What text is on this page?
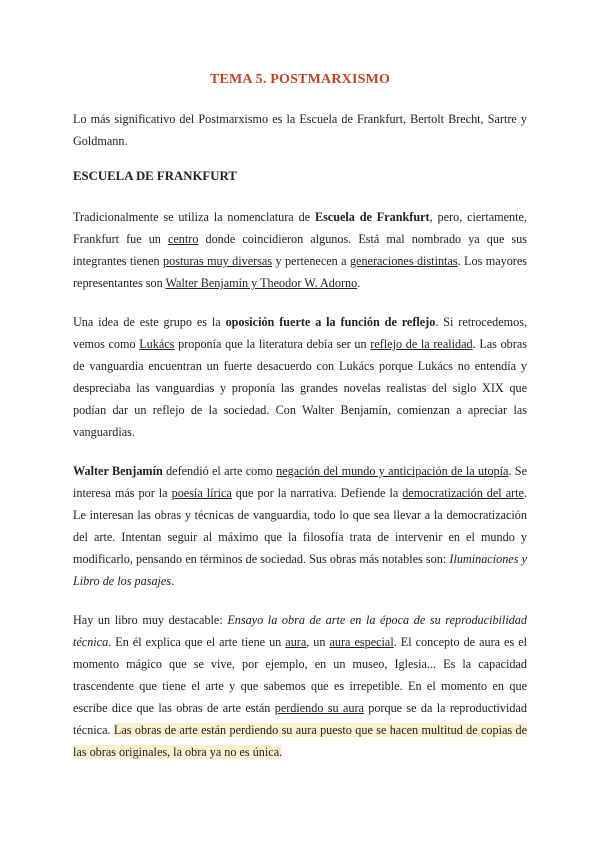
TEMA 5. POSTMARXISMO

Lo más significativo del Postmarxismo es la Escuela de Frankfurt, Bertolt Brecht, Sartre y Goldmann.

ESCUELA DE FRANKFURT

Tradicionalmente se utiliza la nomenclatura de Escuela de Frankfurt, pero, ciertamente, Frankfurt fue un centro donde coincidieron algunos. Está mal nombrado ya que sus integrantes tienen posturas muy diversas y pertenecen a generaciones distintas. Los mayores representantes son Walter Benjamín y Theodor W. Adorno.

Una idea de este grupo es la oposición fuerte a la función de reflejo. Si retrocedemos, vemos como Lukács proponía que la literatura debía ser un reflejo de la realidad. Las obras de vanguardia encuentran un fuerte desacuerdo con Lukács porque Lukács no entendía y despreciaba las vanguardias y proponía las grandes novelas realistas del siglo XIX que podían dar un reflejo de la sociedad. Con Walter Benjamín, comienzan a apreciar las vanguardias.

Walter Benjamín defendió el arte como negación del mundo y anticipación de la utopía. Se interesa más por la poesía lírica que por la narrativa. Defiende la democratización del arte. Le interesan las obras y técnicas de vanguardia, todo lo que sea llevar a la democratización del arte. Intentan seguir al máximo que la filosofía trata de intervenir en el mundo y modificarlo, pensando en términos de sociedad. Sus obras más notables son: Iluminaciones y Libro de los pasajes.

Hay un libro muy destacable: Ensayo la obra de arte en la época de su reproducibilidad técnica. En él explica que el arte tiene un aura, un aura especial. El concepto de aura es el momento mágico que se vive, por ejemplo, en un museo, Iglesia... Es la capacidad trascendente que tiene el arte y que sabemos que es irrepetible. En el momento en que escribe dice que las obras de arte están perdiendo su aura porque se da la reproductividad técnica. Las obras de arte están perdiendo su aura puesto que se hacen multitud de copias de las obras originales, la obra ya no es única.
